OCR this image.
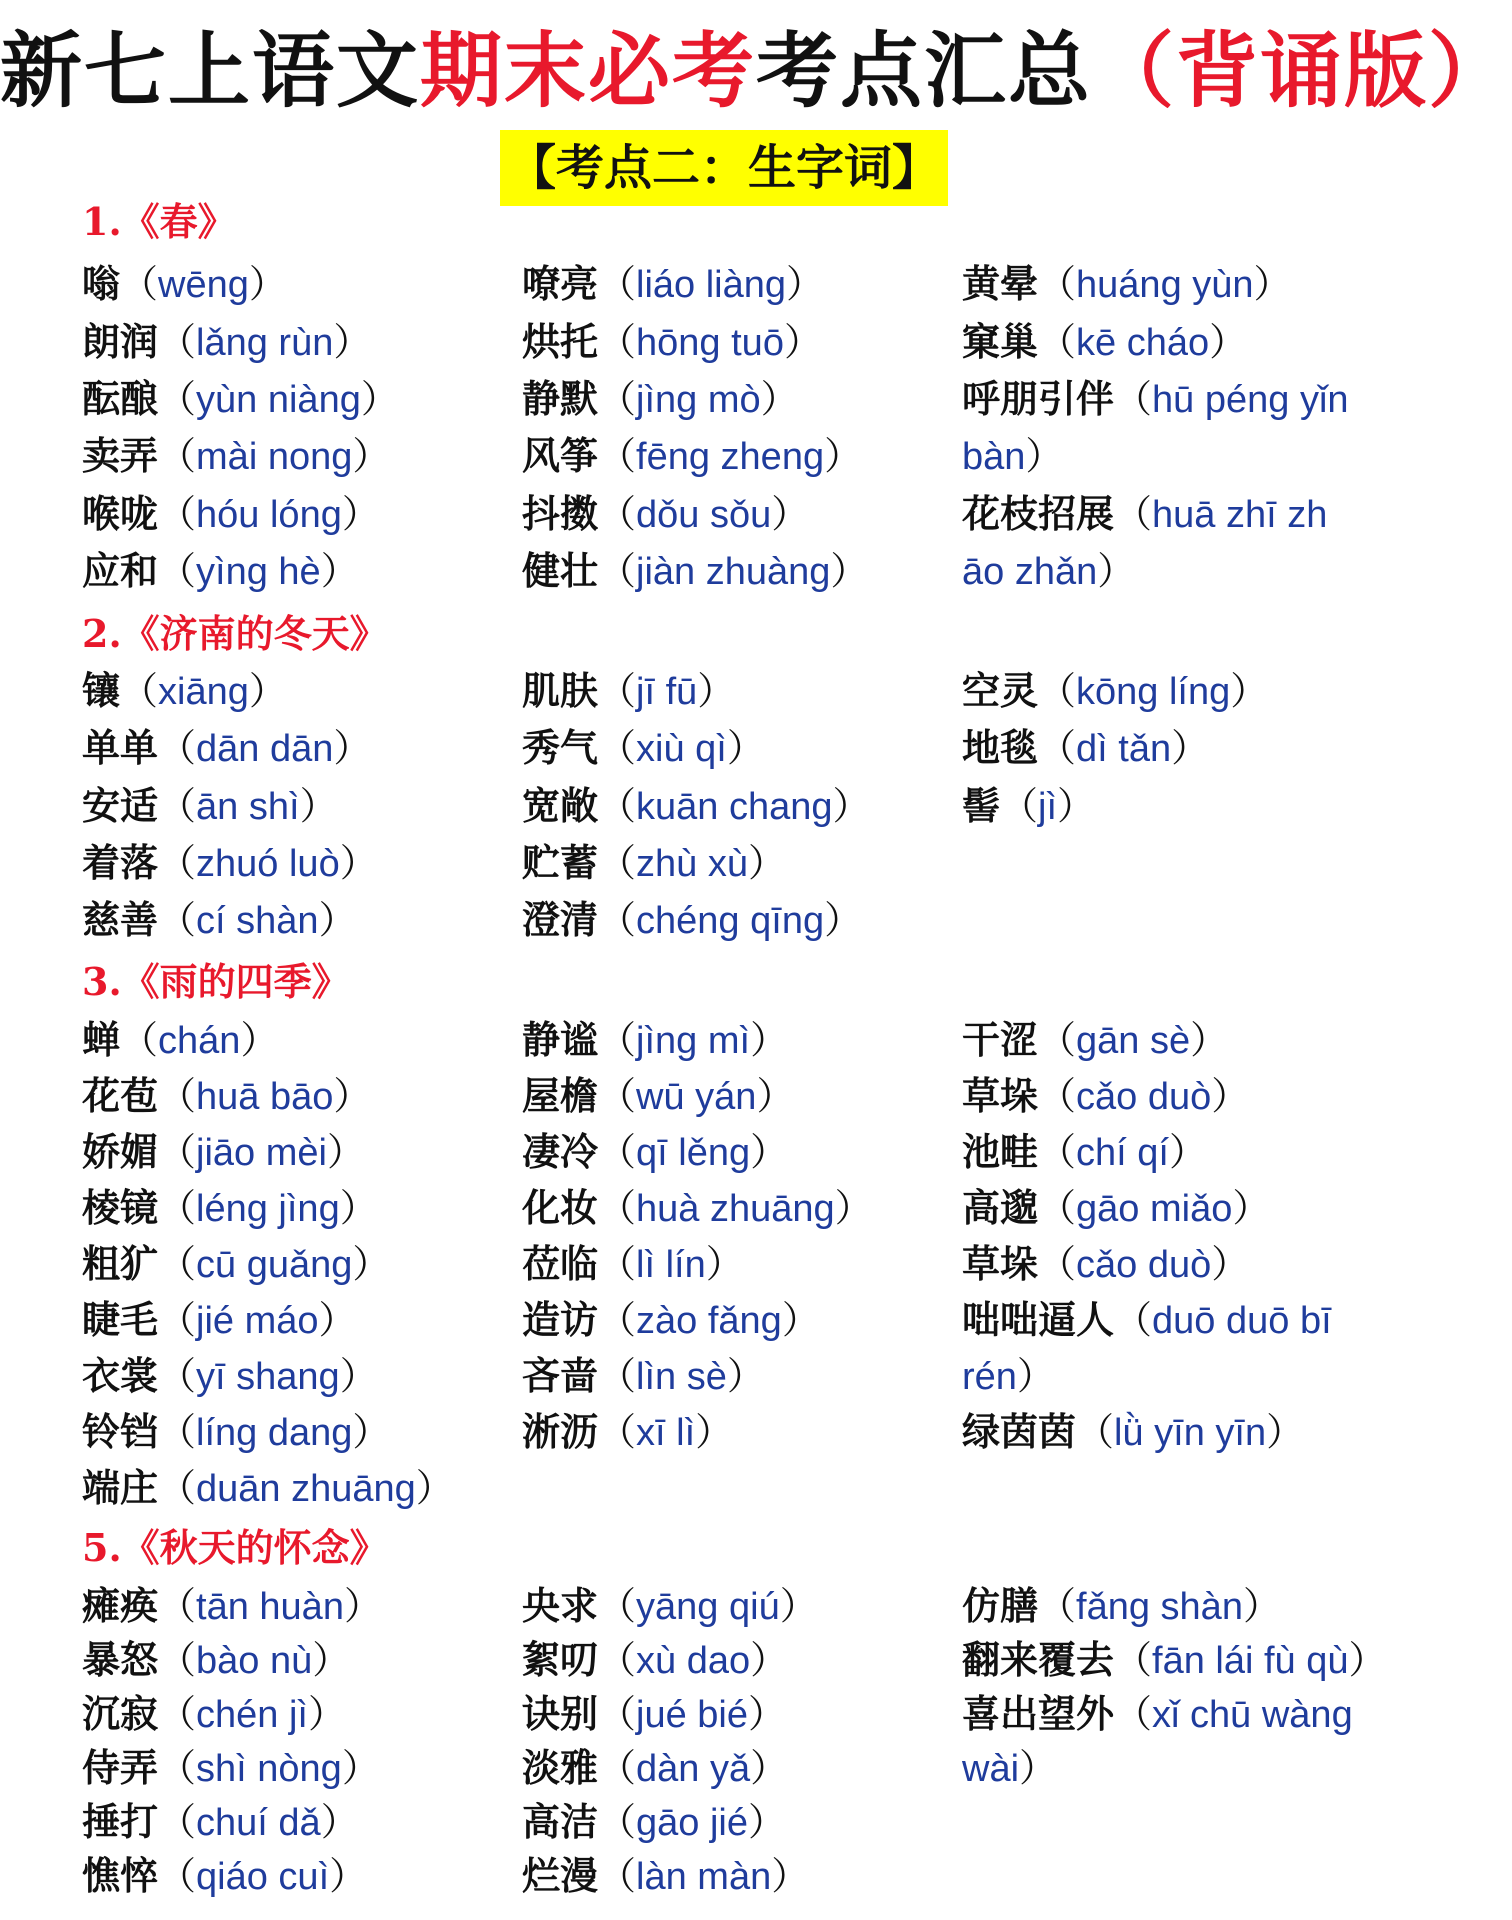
新七上语文期末必考考点汇总（背诵版）
【考点二：生字词】
1.《春》
嗡（wēng）
朗润（lǎng rùn）
酝酿（yùn niàng）
卖弄（mài nong）
喉咙（hóu lóng）
应和（yìng hè）
嘹亮（liáo liàng）
烘托（hōng tuō）
静默（jìng mò）
风筝（fēng zheng）
抖擞（dǒu sǒu）
健壮（jiàn zhuàng）
黄晕（huáng yùn）
窠巢（kē cháo）
呼朋引伴（hū péng yǐn
bàn）
花枝招展（huā zhī zh
āo zhǎn）
2.《济南的冬天》
镶（xiāng）
单单（dān dān）
安适（ān shì）
着落（zhuó luò）
慈善（cí shàn）
肌肤（jī fū）
秀气（xiù qì）
宽敞（kuān chang）
贮蓄（zhù xù）
澄清（chéng qīng）
空灵（kōng líng）
地毯（dì tǎn）
髻（jì）
3.《雨的四季》
蝉（chán）
花苞（huā bāo）
娇媚（jiāo mèi）
棱镜（léng jìng）
粗犷（cū guǎng）
睫毛（jié máo）
衣裳（yī shang）
铃铛（líng dang）
端庄（duān zhuāng）
静谧（jìng mì）
屋檐（wū yán）
凄冷（qī lěng）
化妆（huà zhuāng）
莅临（lì lín）
造访（zào fǎng）
吝啬（lìn sè）
淅沥（xī lì）
干涩（gān sè）
草垛（cǎo duò）
池畦（chí qí）
高邈（gāo miǎo）
草垛（cǎo duò）
咄咄逼人（duō duō bī
rén）
绿茵茵（lǜ yīn yīn）
5.《秋天的怀念》
瘫痪（tān huàn）
暴怒（bào nù）
沉寂（chén jì）
侍弄（shì nòng）
捶打（chuí dǎ）
憔悴（qiáo cuì）
央求（yāng qiú）
絮叨（xù dao）
诀别（jué bié）
淡雅（dàn yǎ）
高洁（gāo jié）
烂漫（làn màn）
仿膳（fǎng shàn）
翻来覆去（fān lái fù qù）
喜出望外（xǐ chū wàng
wài）
